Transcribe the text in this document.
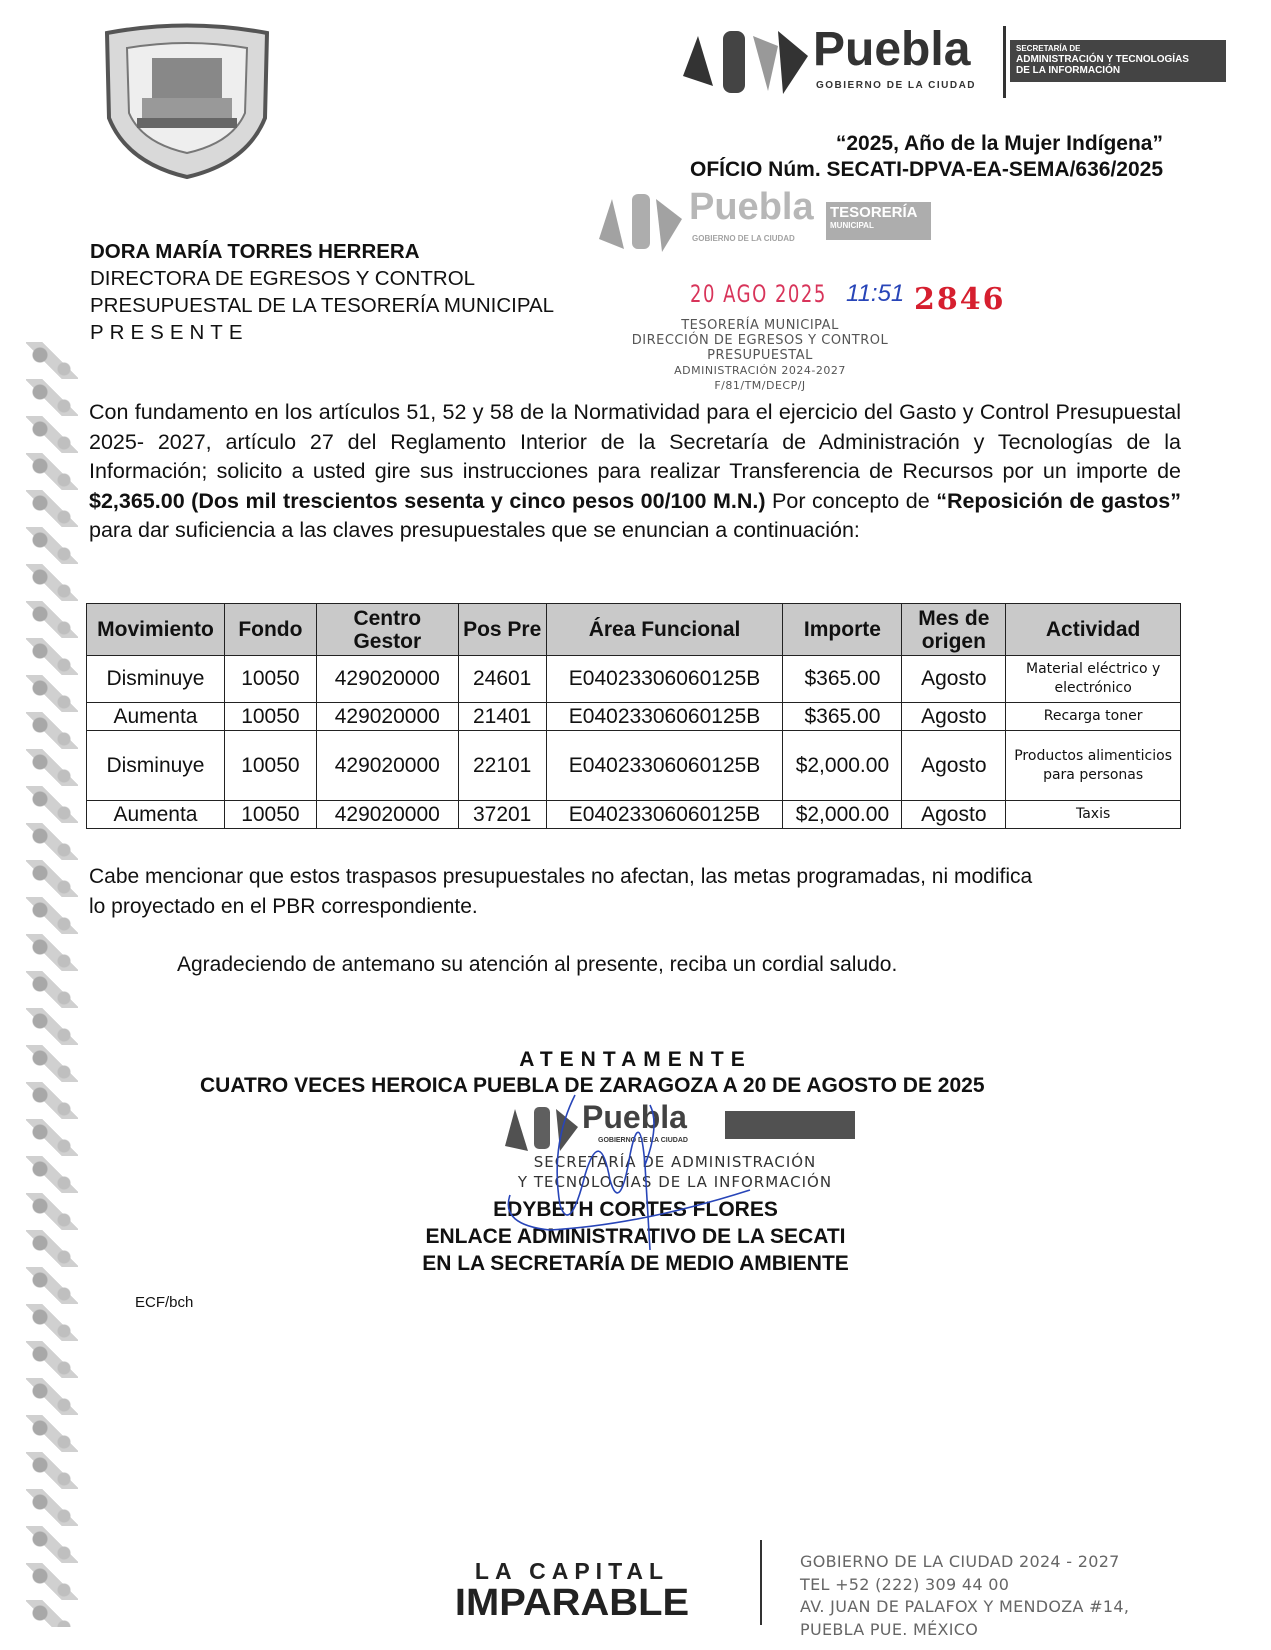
Puebla
GOBIERNO DE LA CIUDAD
SECRETARÍA DE
ADMINISTRACIÓN Y TECNOLOGÍAS
DE LA INFORMACIÓN
“2025, Año de la Mujer Indígena”
OFÍCIO Núm. SECATI-DPVA-EA-SEMA/636/2025
DORA MARÍA TORRES HERRERA
DIRECTORA DE EGRESOS Y CONTROL
PRESUPUESTAL DE LA TESORERÍA MUNICIPAL
PRESENTE
Puebla
GOBIERNO DE LA CIUDAD
TESORERÍA
MUNICIPAL
20 AGO 2025 11:51 2846
TESORERÍA MUNICIPAL
DIRECCIÓN DE EGRESOS Y CONTROL
PRESUPUESTAL
ADMINISTRACIÓN 2024-2027
F/81/TM/DECP/J
Con fundamento en los artículos 51, 52 y 58 de la Normatividad para el ejercicio del Gasto y Control Presupuestal 2025- 2027, artículo 27 del Reglamento Interior de la Secretaría de Administración y Tecnologías de la Información; solicito a usted gire sus instrucciones para realizar Transferencia de Recursos por un importe de $2,365.00 (Dos mil trescientos sesenta y cinco pesos 00/100 M.N.) Por concepto de “Reposición de gastos” para dar suficiencia a las claves presupuestales que se enuncian a continuación:
Movimiento	Fondo	Centro Gestor	Pos Pre	Área Funcional	Importe	Mes de origen	Actividad
Disminuye	10050	429020000	24601	E04023306060125B	$365.00	Agosto	Material eléctrico y electrónico
Aumenta	10050	429020000	21401	E04023306060125B	$365.00	Agosto	Recarga toner
Disminuye	10050	429020000	22101	E04023306060125B	$2,000.00	Agosto	Productos alimenticios para personas
Aumenta	10050	429020000	37201	E04023306060125B	$2,000.00	Agosto	Taxis
Cabe mencionar que estos traspasos presupuestales no afectan, las metas programadas, ni modifica
lo proyectado en el PBR correspondiente.
Agradeciendo de antemano su atención al presente, reciba un cordial saludo.
Puebla
GOBIERNO DE LA CIUDAD
ATENTAMENTE
CUATRO VECES HEROICA PUEBLA DE ZARAGOZA A 20 DE AGOSTO DE 2025
SECRETARÍA DE ADMINISTRACIÓN
Y TECNOLOGÍAS DE LA INFORMACIÓN
EDYBETH CORTES FLORES
ENLACE ADMINISTRATIVO DE LA SECATI
EN LA SECRETARÍA DE MEDIO AMBIENTE
ECF/bch
LA CAPITAL
IMPARABLE
GOBIERNO DE LA CIUDAD 2024 - 2027
TEL +52 (222) 309 44 00
AV. JUAN DE PALAFOX Y MENDOZA #14,
PUEBLA PUE. MÉXICO
